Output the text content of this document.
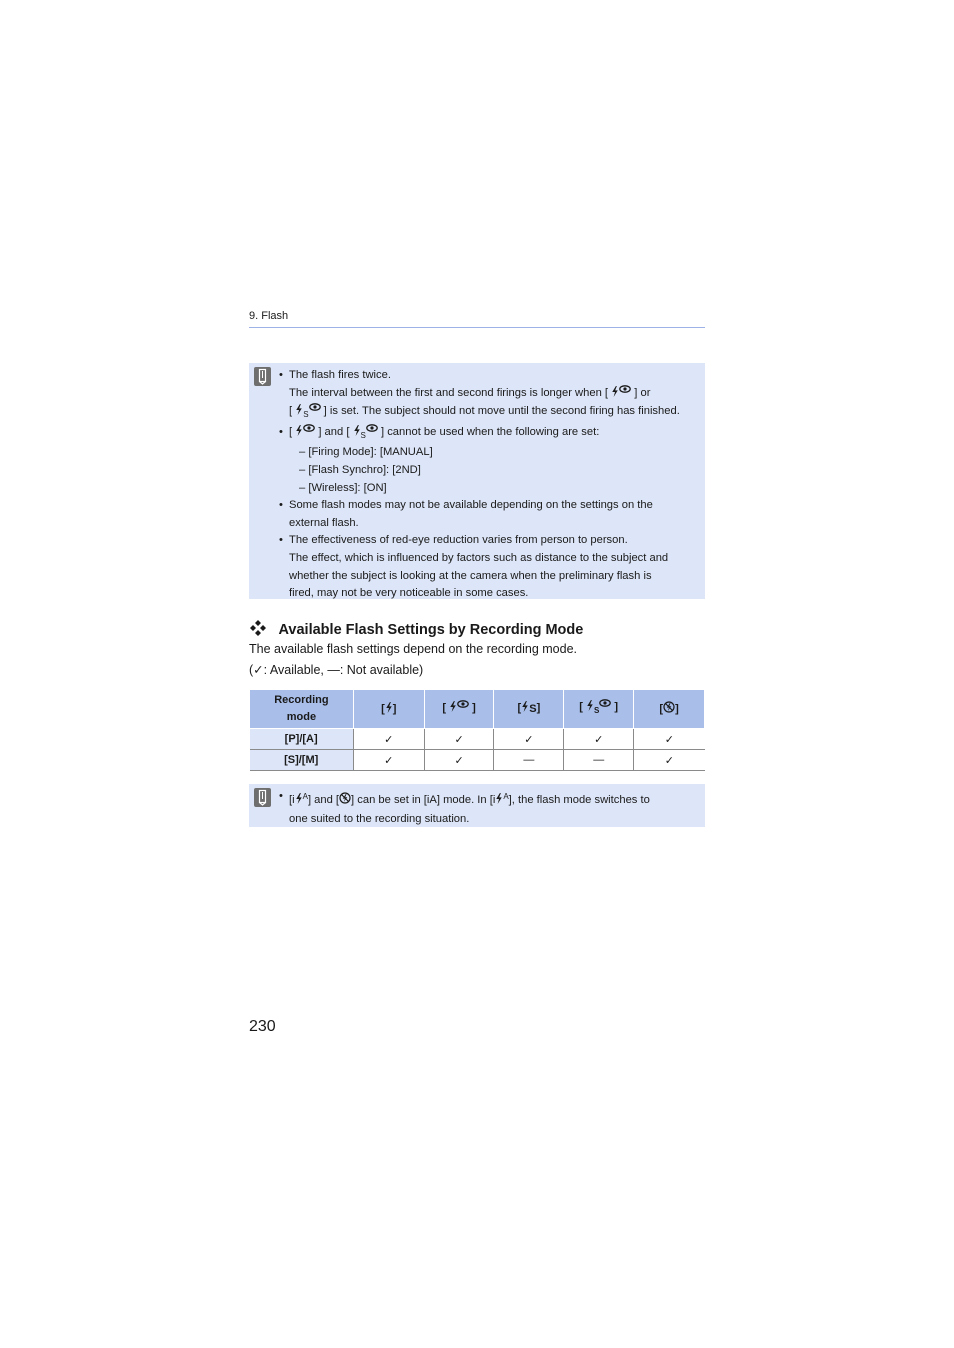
9. Flash
• The flash fires twice.
The interval between the first and second firings is longer when [ ] or
[ S ] is set. The subject should not move until the second firing has finished.
• [ ] and [ S ] cannot be used when the following are set:
– [Firing Mode]: [MANUAL]
– [Flash Synchro]: [2ND]
– [Wireless]: [ON]
• Some flash modes may not be available depending on the settings on the
external flash.
• The effectiveness of red-eye reduction varies from person to person.
The effect, which is influenced by factors such as distance to the subject and
whether the subject is looking at the camera when the preliminary flash is
fired, may not be very noticeable in some cases.
Available Flash Settings by Recording Mode
The available flash settings depend on the recording mode.
(✓: Available, —: Not available)
Recording
mode	[ ]	[  ]	[ S]	[ S ]	[ ]
[P]/[A]	✓	✓	✓	✓	✓
[S]/[M]	✓	✓	—	—	✓
• [i $^A$] and [ ] can be set in [iA] mode. In [i $^A$], the flash mode switches to
one suited to the recording situation.
230
